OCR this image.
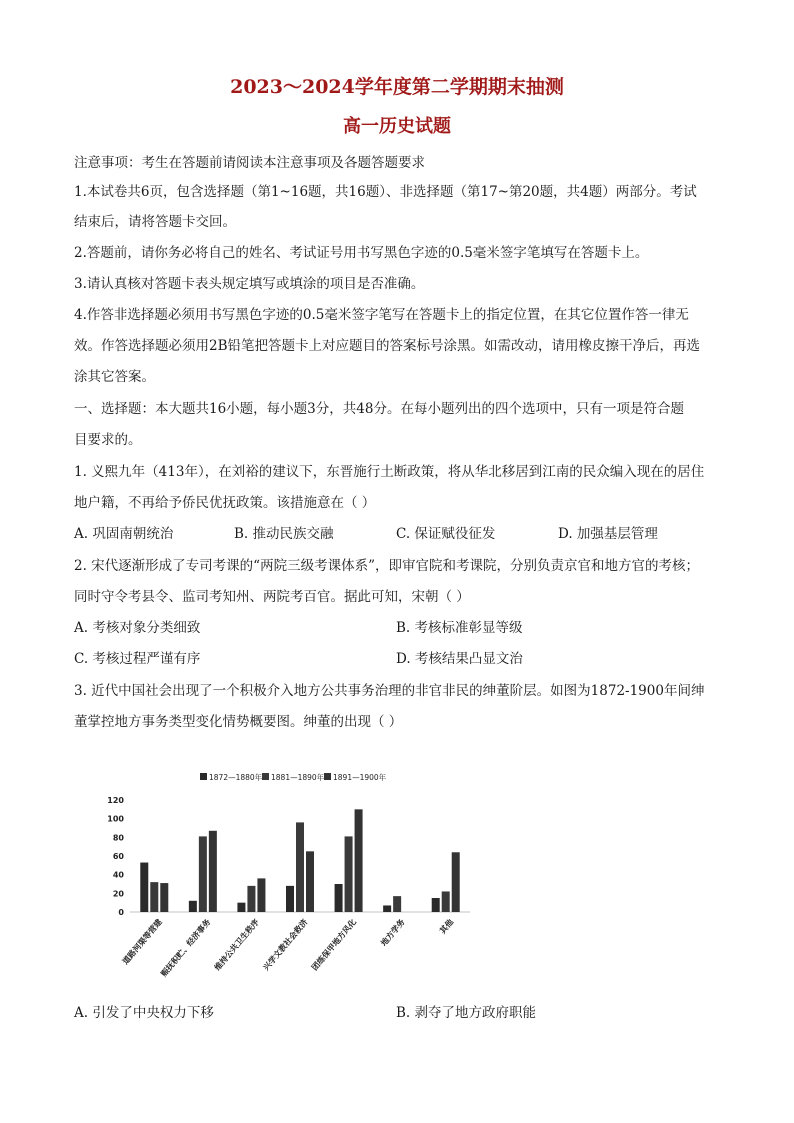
2023～2024学年度第二学期期末抽测
高一历史试题
注意事项：考生在答题前请阅读本注意事项及各题答题要求
1.本试卷共6页，包含选择题（第1~16题，共16题）、非选择题（第17~第20题，共4题）两部分。考试
结束后，请将答题卡交回。
2.答题前，请你务必将自己的姓名、考试证号用书写黑色字迹的0.5毫米签字笔填写在答题卡上。
3.请认真核对答题卡表头规定填写或填涂的项目是否准确。
4.作答非选择题必须用书写黑色字迹的0.5毫米签字笔写在答题卡上的指定位置，在其它位置作答一律无
效。作答选择题必须用2B铅笔把答题卡上对应题目的答案标号涂黑。如需改动，请用橡皮擦干净后，再选
涂其它答案。
一、选择题：本大题共16小题，每小题3分，共48分。在每小题列出的四个选项中，只有一项是符合题
目要求的。
1. 义熙九年（413年），在刘裕的建议下，东晋施行土断政策，将从华北移居到江南的民众编入现在的居住
地户籍，不再给予侨民优抚政策。该措施意在（ ）
A. 巩固南朝统治	B. 推动民族交融	C. 保证赋役征发	D. 加强基层管理
2. 宋代逐渐形成了专司考课的“两院三级考课体系”，即审官院和考课院，分别负责京官和地方官的考核；
同时守令考县令、监司考知州、两院考百官。据此可知，宋朝（ ）
A. 考核对象分类细致	B. 考核标准彰显等级
C. 考核过程严谨有序	D. 考核结果凸显文治
3. 近代中国社会出现了一个积极介入地方公共事务治理的非官非民的绅董阶层。如图为1872-1900年间绅
董掌控地方事务类型变化情势概要图。绅董的出现（ ）
1872—1880年 1881—1890年 1891—1900年
0
20
40
60
80
100
120
道路河渠等营建
赈抚积贮、经济事务 维持公共卫生秩序 兴学文教社会救济 团练保甲地方风化	地方学务	其他
A. 引发了中央权力下移	B. 剥夺了地方政府职能
